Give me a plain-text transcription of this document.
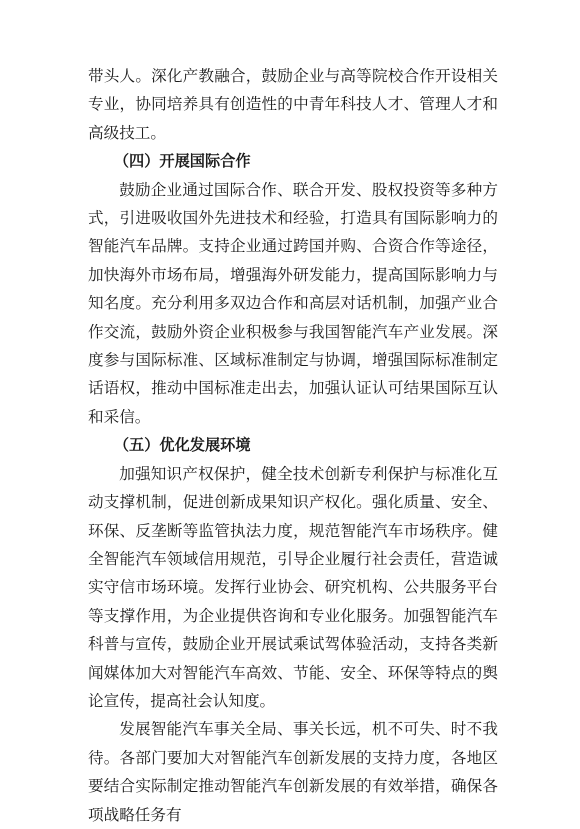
带头人。深化产教融合，鼓励企业与高等院校合作开设相关专业，协同培养具有创造性的中青年科技人才、管理人才和高级技工。

（四）开展国际合作

鼓励企业通过国际合作、联合开发、股权投资等多种方式，引进吸收国外先进技术和经验，打造具有国际影响力的智能汽车品牌。支持企业通过跨国并购、合资合作等途径，加快海外市场布局，增强海外研发能力，提高国际影响力与知名度。充分利用多双边合作和高层对话机制，加强产业合作交流，鼓励外资企业积极参与我国智能汽车产业发展。深度参与国际标准、区域标准制定与协调，增强国际标准制定话语权，推动中国标准走出去，加强认证认可结果国际互认和采信。

（五）优化发展环境

加强知识产权保护，健全技术创新专利保护与标准化互动支撑机制，促进创新成果知识产权化。强化质量、安全、环保、反垄断等监管执法力度，规范智能汽车市场秩序。健全智能汽车领域信用规范，引导企业履行社会责任，营造诚实守信市场环境。发挥行业协会、研究机构、公共服务平台等支撑作用，为企业提供咨询和专业化服务。加强智能汽车科普与宣传，鼓励企业开展试乘试驾体验活动，支持各类新闻媒体加大对智能汽车高效、节能、安全、环保等特点的舆论宣传，提高社会认知度。

发展智能汽车事关全局、事关长远，机不可失、时不我待。各部门要加大对智能汽车创新发展的支持力度，各地区要结合实际制定推动智能汽车创新发展的有效举措，确保各项战略任务有
